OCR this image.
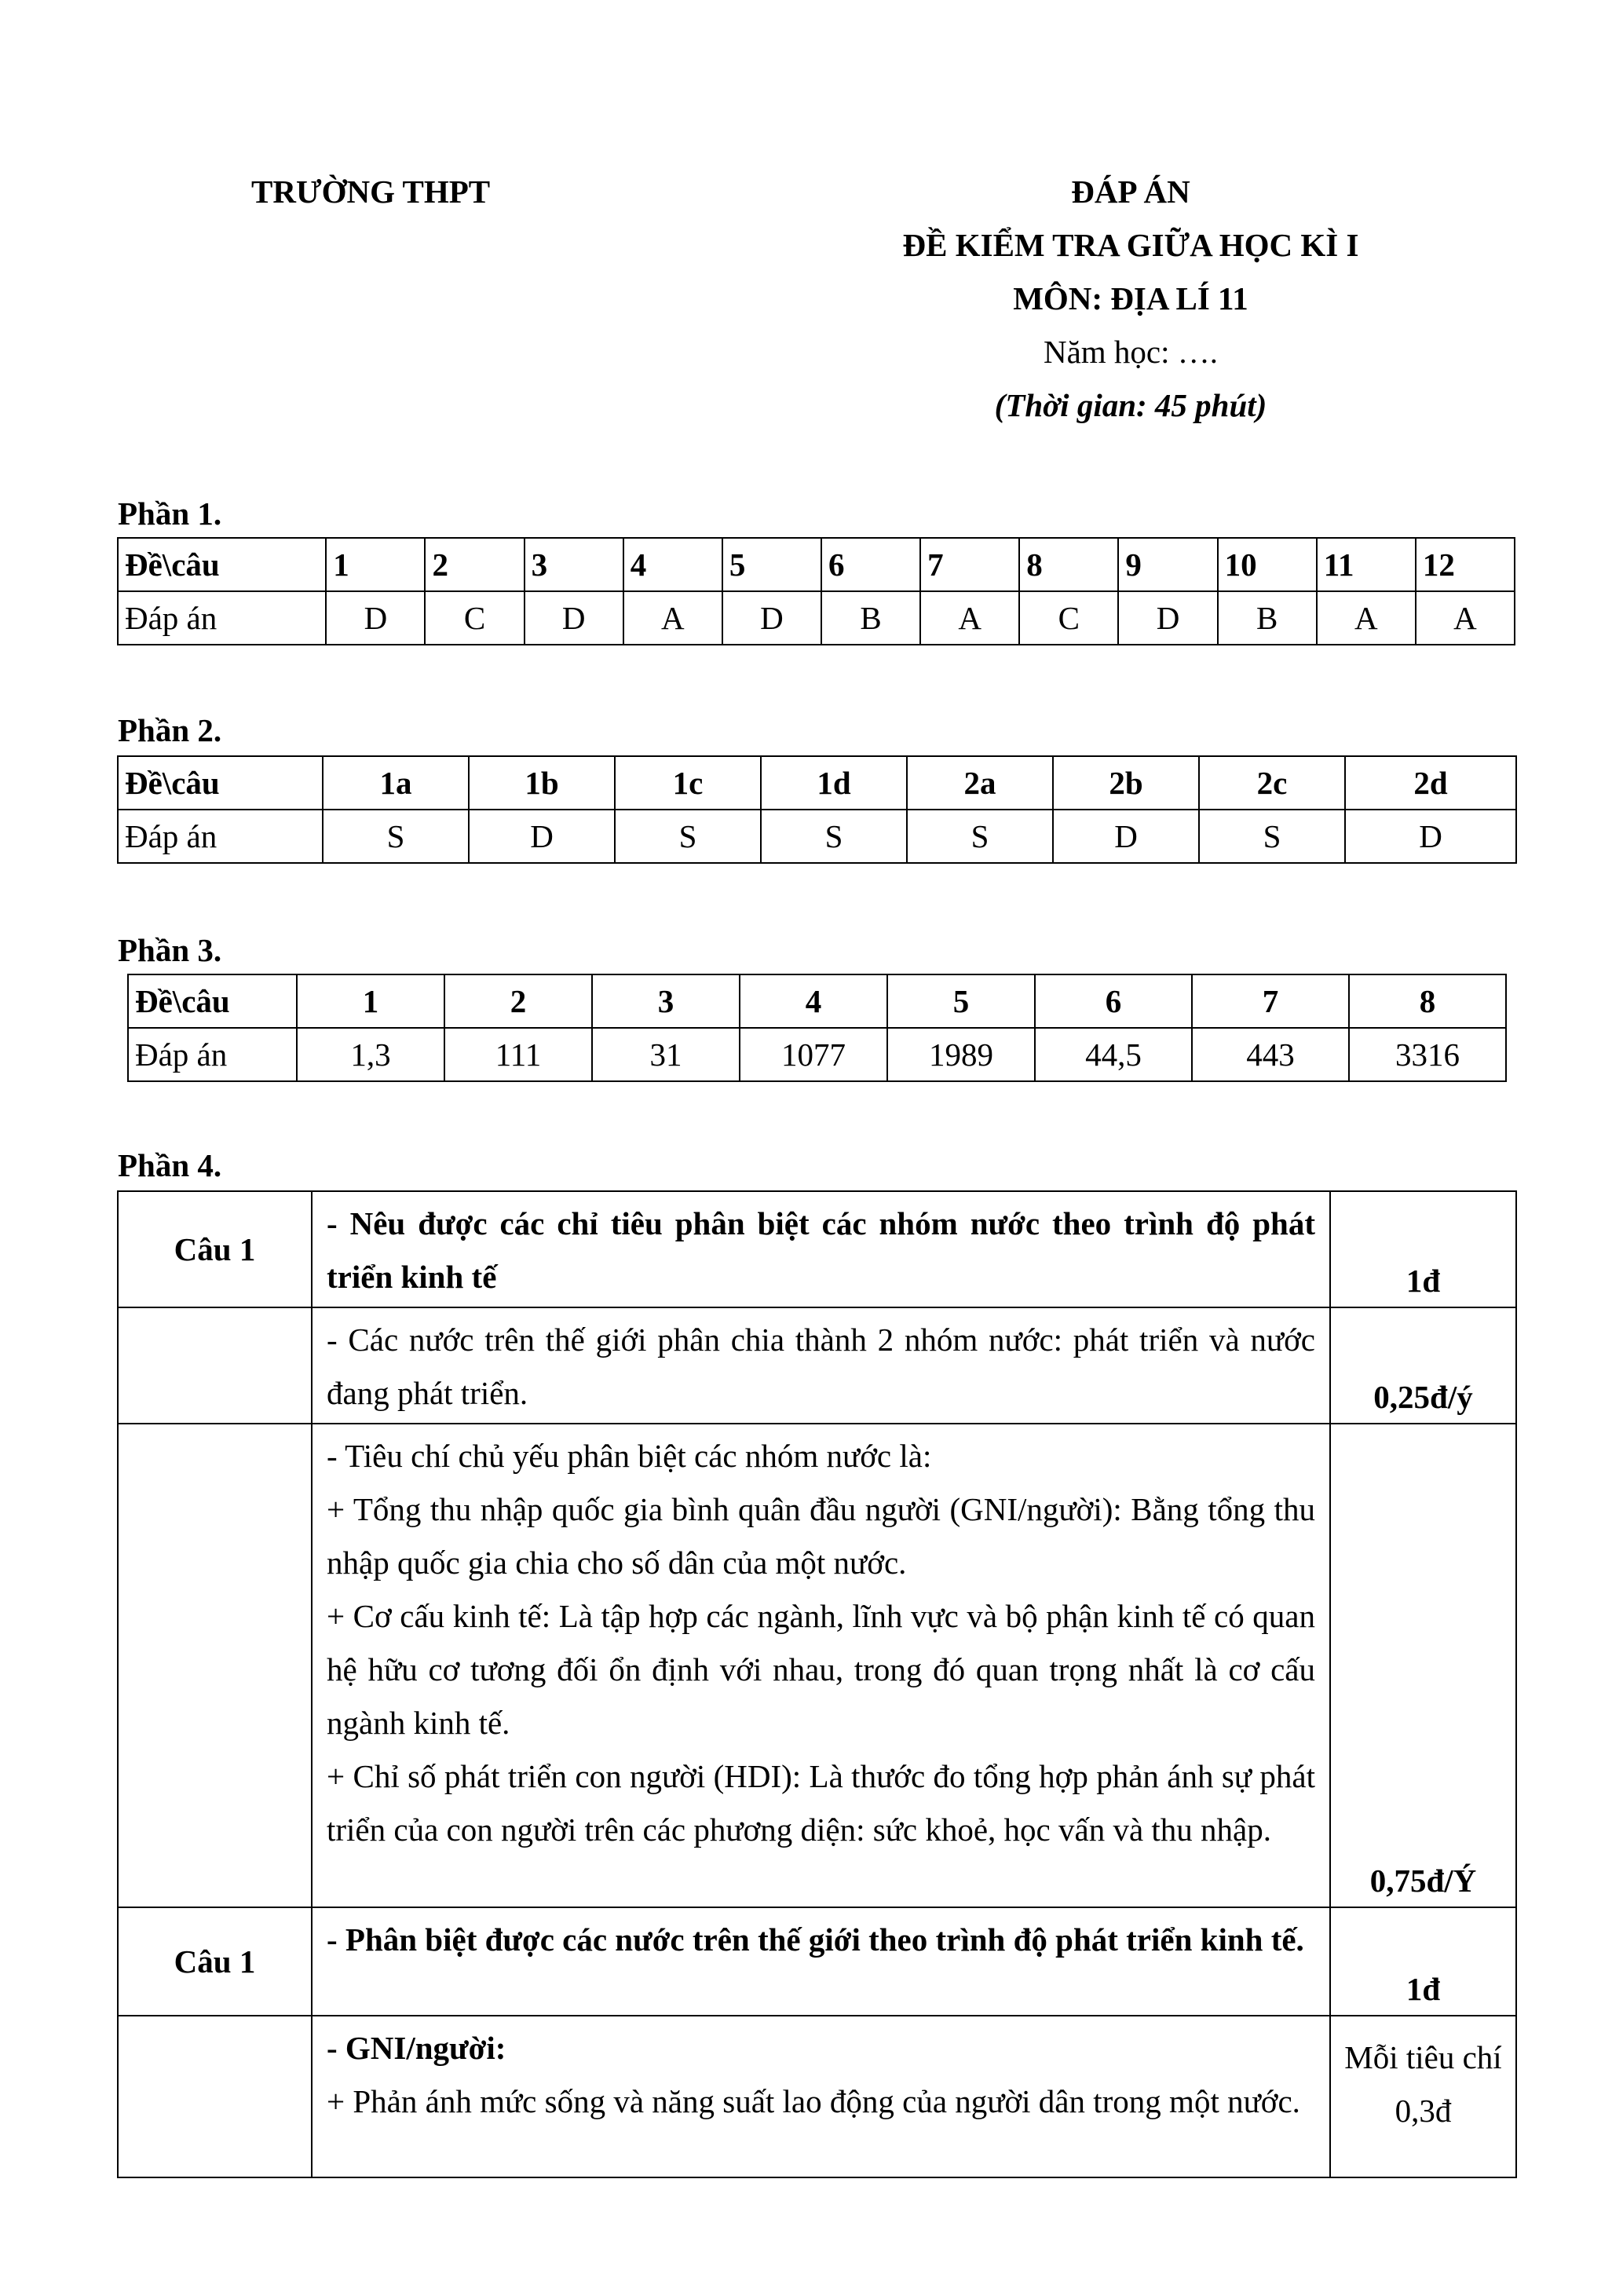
TRƯỜNG THPT	ĐÁP ÁN
ĐỀ KIỂM TRA GIỮA HỌC KÌ I
MÔN: ĐỊA LÍ 11
Năm học: ….
(Thời gian: 45 phút)
Phần 1.
Đề\câu	1	2	3	4	5	6	7	8	9	10	11	12
Đáp án	D	C	D	A	D	B	A	C	D	B	A	A
Phần 2.
Đề\câu	1a	1b	1c	1d	2a	2b	2c	2d
Đáp án	S	D	S	S	S	D	S	D
Phần 3.
Đề\câu	1	2	3	4	5	6	7	8
Đáp án	1,3	111	31	1077	1989	44,5	443	3316
Phần 4.
Câu 1	- Nêu được các chỉ tiêu phân biệt các nhóm nước theo trình độ phát triển kinh tế	1đ

	- Các nước trên thế giới phân chia thành 2 nhóm nước: phát triển và nước đang phát triển.	0,25đ/ý

	- Tiêu chí chủ yếu phân biệt các nhóm nước là:
+ Tổng thu nhập quốc gia bình quân đầu người (GNI/người): Bằng tổng thu nhập quốc gia chia cho số dân của một nước.
+ Cơ cấu kinh tế: Là tập hợp các ngành, lĩnh vực và bộ phận kinh tế có quan hệ hữu cơ tương đối ổn định với nhau, trong đó quan trọng nhất là cơ cấu ngành kinh tế.
+ Chỉ số phát triển con người (HDI): Là thước đo tổng hợp phản ánh sự phát triển của con người trên các phương diện: sức khoẻ, học vấn và thu nhập.	0,75đ/Ý
Câu 1	- Phân biệt được các nước trên thế giới theo trình độ phát triển kinh tế.	1đ

	- GNI/người:
+ Phản ánh mức sống và năng suất lao động của người dân trong một nước.	Mỗi tiêu chí 0,3đ
